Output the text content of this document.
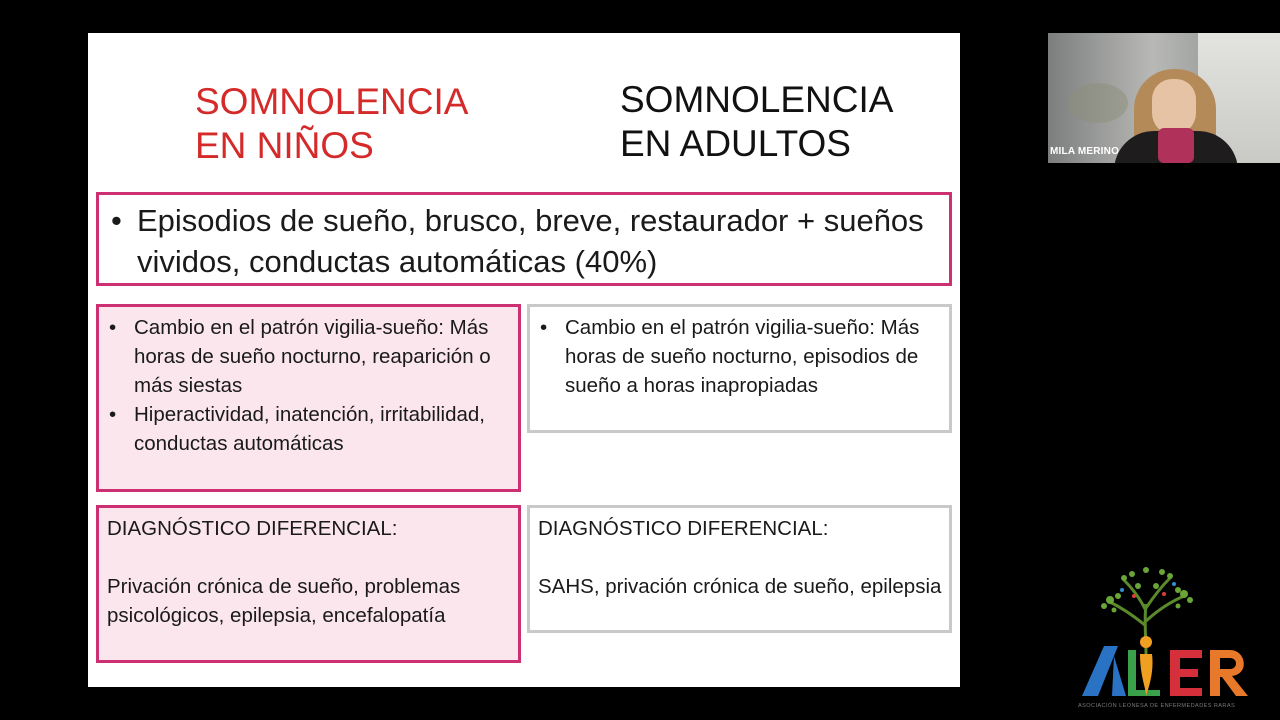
SOMNOLENCIA
EN NIÑOS
SOMNOLENCIA
EN ADULTOS
• Episodios de sueño, brusco, breve, restaurador + sueños vividos, conductas automáticas (40%)
• Cambio en el patrón vigilia-sueño: Más horas de sueño nocturno, reaparición o más siestas
• Hiperactividad, inatención, irritabilidad, conductas automáticas
• Cambio en el patrón vigilia-sueño: Más horas de sueño nocturno, episodios de sueño a horas inapropiadas
DIAGNÓSTICO DIFERENCIAL:
Privación crónica de sueño, problemas psicológicos, epilepsia, encefalopatía
DIAGNÓSTICO DIFERENCIAL:
SAHS, privación crónica de sueño, epilepsia
MILA MERINO
ASOCIACIÓN LEONESA DE ENFERMEDADES RARAS
